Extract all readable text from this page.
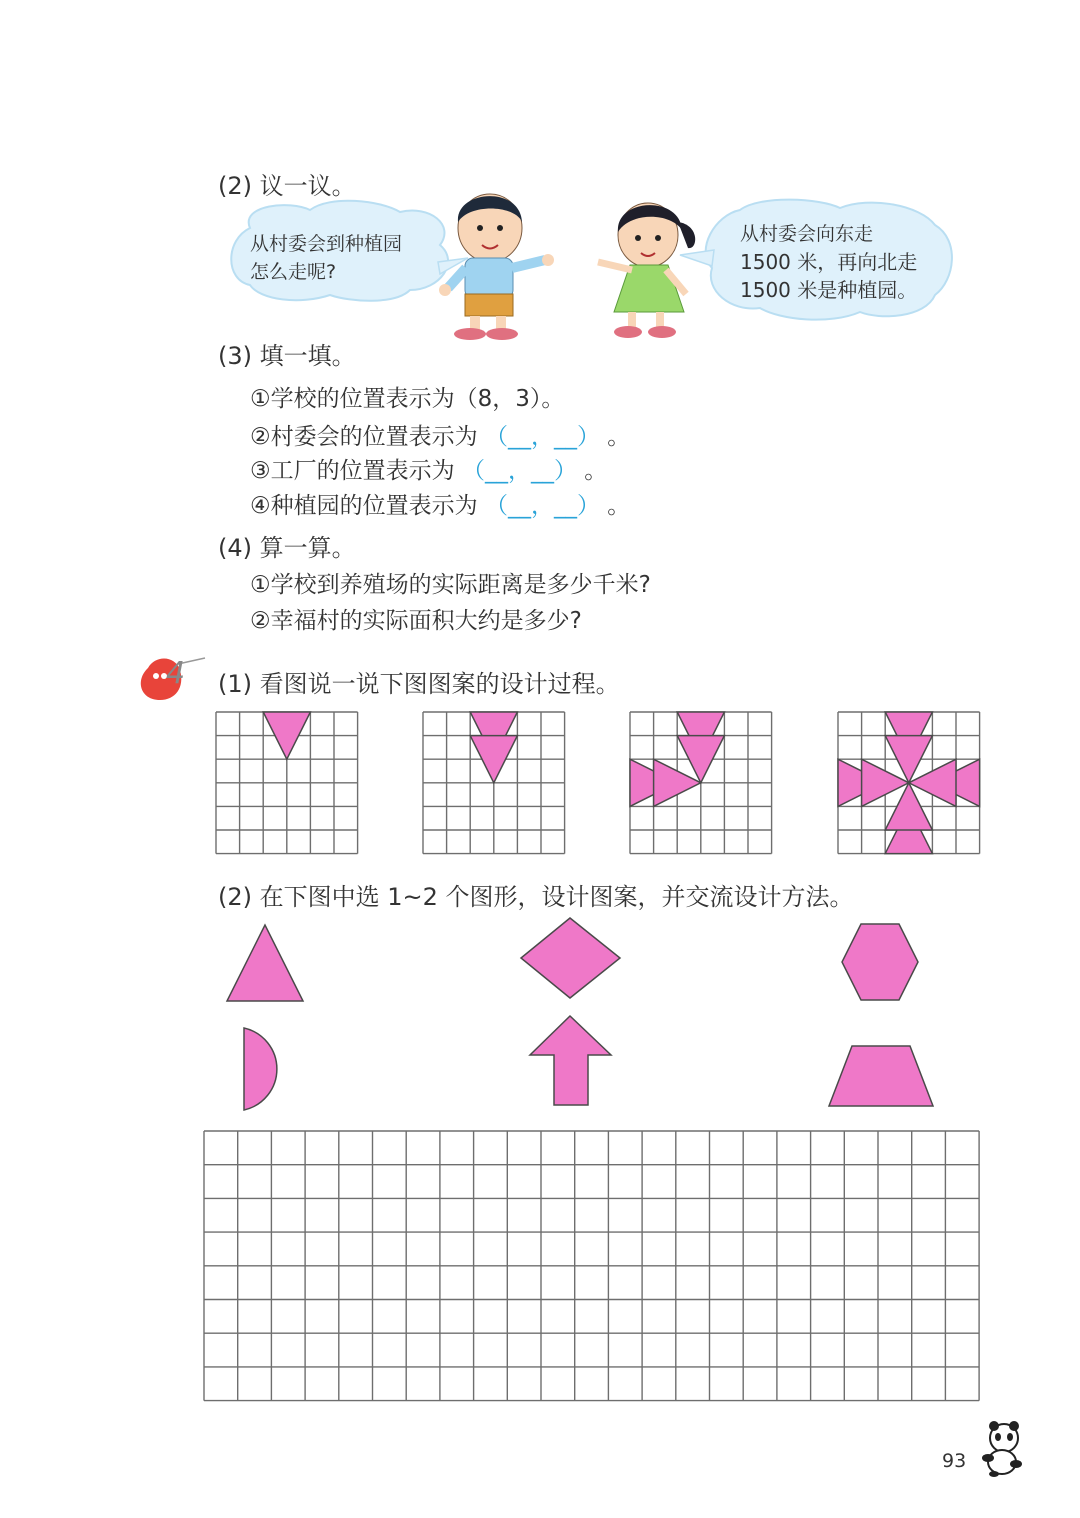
(2) 议一议。
从村委会到种植园
怎么走呢?
从村委会向东走
1500 米，再向北走
1500 米是种植园。
(3) 填一填。
①学校的位置表示为（8，3）。
②村委会的位置表示为 （__，__） 。
③工厂的位置表示为 （__，__） 。
④种植园的位置表示为 （__，__） 。
(4) 算一算。
①学校到养殖场的实际距离是多少千米?
②幸福村的实际面积大约是多少?
4 (1) 看图说一说下图图案的设计过程。
(2) 在下图中选 1~2 个图形，设计图案，并交流设计方法。
93
